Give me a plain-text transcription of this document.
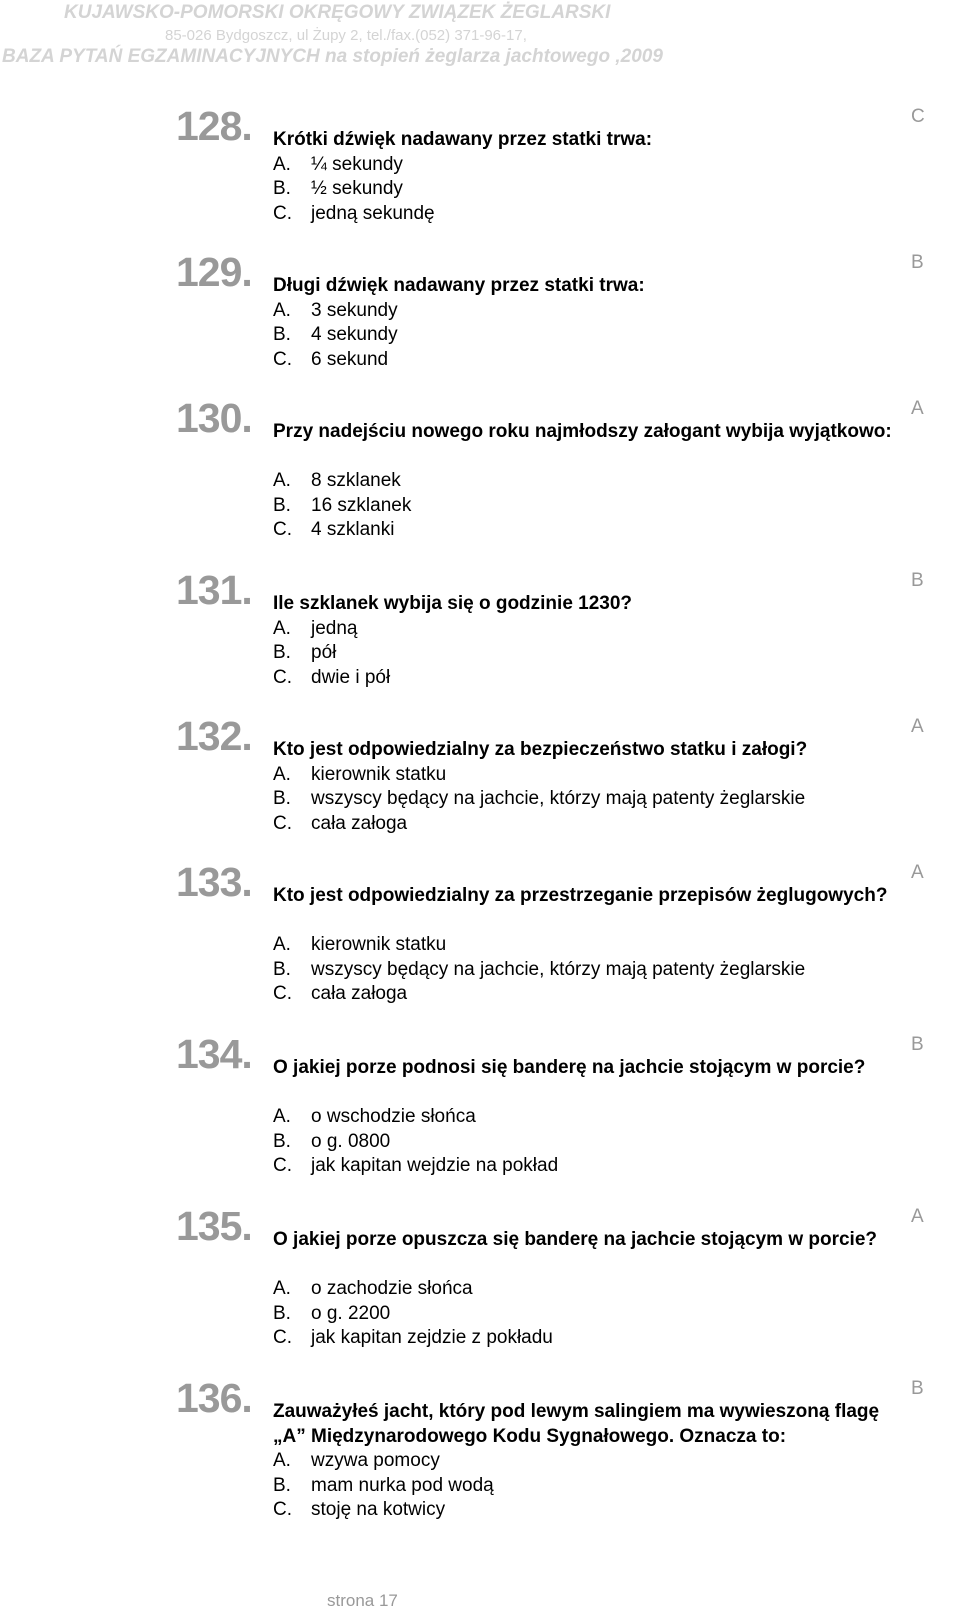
KUJAWSKO-POMORSKI OKRĘGOWY ZWIĄZEK ŻEGLARSKI
85-026 Bydgoszcz, ul Żupy 2, tel./fax.(052) 371-96-17,
BAZA PYTAŃ EGZAMINACYJNYCH na stopień żeglarza jachtowego ‚2009
128.	C

Krótki dźwięk nadawany przez statki trwa:

A. ¼ sekundy
B. ½ sekundy
C. jedną sekundę
129.	B

Długi dźwięk nadawany przez statki trwa:

A. 3 sekundy
B. 4 sekundy
C. 6 sekund
130.	A

Przy nadejściu nowego roku najmłodszy załogant wybija wyjątkowo:

A. 8 szklanek
B. 16 szklanek
C. 4 szklanki
131.	B

Ile szklanek wybija się o godzinie 1230?

A. jedną
B. pół
C. dwie i pół
132.	A

Kto jest odpowiedzialny za bezpieczeństwo statku i załogi?

A. kierownik statku
B. wszyscy będący na jachcie, którzy mają patenty żeglarskie
C. cała załoga
133.	A

Kto jest odpowiedzialny za przestrzeganie przepisów żeglugowych?

A. kierownik statku
B. wszyscy będący na jachcie, którzy mają patenty żeglarskie
C. cała załoga
134.	B

O jakiej porze podnosi się banderę na jachcie stojącym w porcie?

A. o wschodzie słońca
B. o g. 0800
C. jak kapitan wejdzie na pokład
135.	A

O jakiej porze opuszcza się banderę na jachcie stojącym w porcie?

A. o zachodzie słońca
B. o g. 2200
C. jak kapitan zejdzie z pokładu
136.	B

Zauważyłeś jacht, który pod lewym salingiem ma wywieszoną flagę „A” Międzynarodowego Kodu Sygnałowego. Oznacza to:

A. wzywa pomocy
B. mam nurka pod wodą
C. stoję na kotwicy
strona 17
